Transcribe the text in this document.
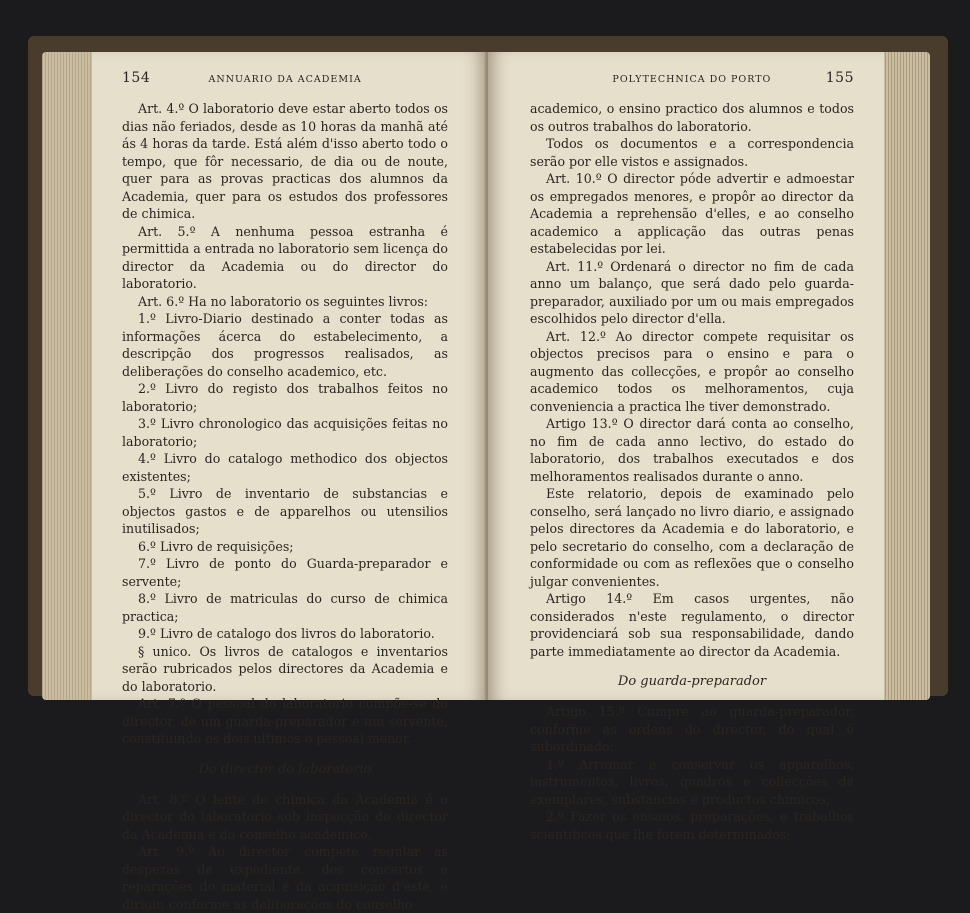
154	ANNUARIO DA ACADEMIA

Art. 4.º O laboratorio deve estar aberto todos os dias não feriados, desde as 10 horas da manhã até ás 4 horas da tarde. Está além d'isso aberto todo o tempo, que fôr necessario, de dia ou de noute, quer para as provas practicas dos alumnos da Academia, quer para os estudos dos professores de chimica.

Art. 5.º A nenhuma pessoa estranha é permittida a entrada no laboratorio sem licença do director da Academia ou do director do laboratorio.

Art. 6.º Ha no laboratorio os seguintes livros:

1.º Livro-Diario destinado a conter todas as informações ácerca do estabelecimento, a descripção dos progressos realisados, as deliberações do conselho academico, etc.

2.º Livro do registo dos trabalhos feitos no laboratorio;

3.º Livro chronologico das acquisições feitas no laboratorio;

4.º Livro do catalogo methodico dos objectos existentes;

5.º Livro de inventario de substancias e objectos gastos e de apparelhos ou utensilios inutilisados;

6.º Livro de requisições;

7.º Livro de ponto do Guarda-preparador e servente;

8.º Livro de matriculas do curso de chimica practica;

9.º Livro de catalogo dos livros do laboratorio.

§ unico. Os livros de catalogos e inventarios serão rubricados pelos directores da Academia e do laboratorio.

Art. 7.º O pessoal do laboratorio compõe-se do director, de um guarda-preparador e um servente, constituindo os dois ultimos o pessoal menor.

Do director do laboratorio

Art. 8.º O lente de chimica da Academia é o director do laboratorio sob inspecção do director da Academia e do conselho academico.

Art. 9.º Ao director compete regular as despezas de expediente, dos concertos e reparações do material e da acquisição d'este, e dirigir, conforme as deliberações do conselho

POLYTECHNICA DO PORTO	155

academico, o ensino practico dos alumnos e todos os outros trabalhos do laboratorio.

Todos os documentos e a correspondencia serão por elle vistos e assignados.

Art. 10.º O director póde advertir e admoestar os empregados menores, e propôr ao director da Academia a reprehensão d'elles, e ao conselho academico a applicação das outras penas estabelecidas por lei.

Art. 11.º Ordenará o director no fim de cada anno um balanço, que será dado pelo guarda-preparador, auxiliado por um ou mais empregados escolhidos pelo director d'ella.

Art. 12.º Ao director compete requisitar os objectos precisos para o ensino e para o augmento das collecções, e propôr ao conselho academico todos os melhoramentos, cuja conveniencia a practica lhe tiver demonstrado.

Artigo 13.º O director dará conta ao conselho, no fim de cada anno lectivo, do estado do laboratorio, dos trabalhos executados e dos melhoramentos realisados durante o anno.

Este relatorio, depois de examinado pelo conselho, será lançado no livro diario, e assignado pelos directores da Academia e do laboratorio, e pelo secretario do conselho, com a declaração de conformidade ou com as reflexões que o conselho julgar convenientes.

Artigo 14.º Em casos urgentes, não considerados n'este regulamento, o director providenciará sob sua responsabilidade, dando parte immediatamente ao director da Academia.

Do guarda-preparador

Artigo 15.º Cumpre ao guarda-preparador, conforme as ordens do director, do qual é subordinado:

1.º Arrumar e conservar os apparelhos, instrumentos, livros, quadros e collecções de exemplares, substancias e productos chimicos;

2.º Fazer os ensaios, preparações, e trabalhos scientificos que lhe forem determinados;
